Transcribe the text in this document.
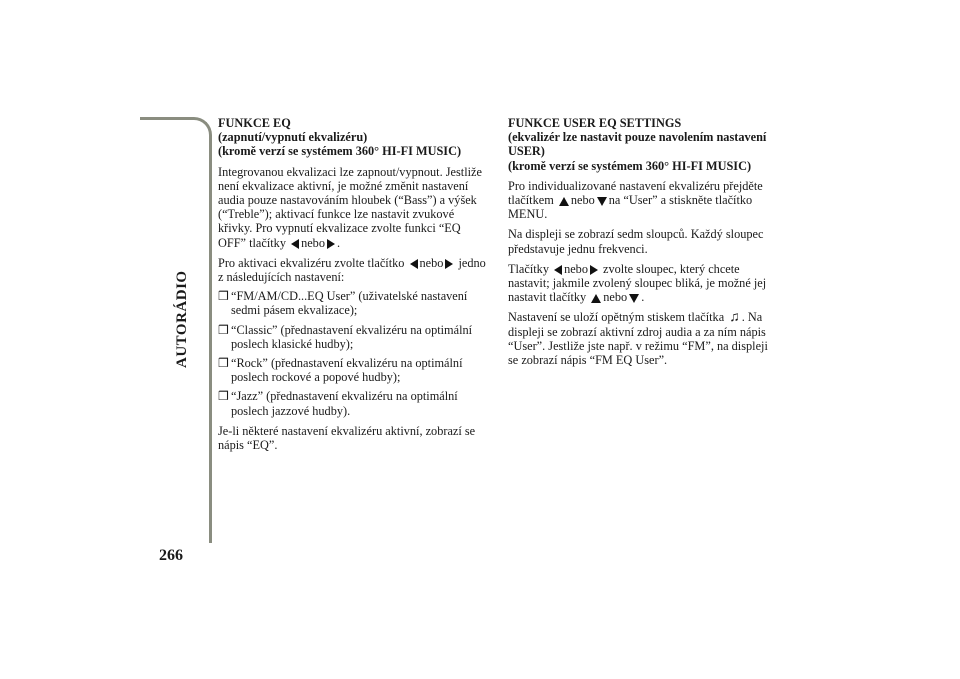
AUTORÁDIO
266
FUNKCE EQ
(zapnutí/vypnutí ekvalizéru)
(kromě verzí se systémem 360° HI-FI MUSIC)

Integrovanou ekvalizaci lze zapnout/vypnout. Jestliže není ekvalizace aktivní, je možné změnit nastavení audia pouze nastavováním hloubek (“Bass”) a výšek (“Treble”); aktivací funkce lze nastavit zvukové křivky. Pro vypnutí ekvalizace zvolte funkci “EQ OFF” tlačítky nebo .

Pro aktivaci ekvalizéru zvolte tlačítko nebo jedno z následujících nastavení:

❒ “FM/AM/CD...EQ User” (uživatelské nastavení sedmi pásem ekvalizace);
❒ “Classic” (přednastavení ekvalizéru na optimální poslech klasické hudby);
❒ “Rock” (přednastavení ekvalizéru na optimální poslech rockové a popové hudby);
❒ “Jazz” (přednastavení ekvalizéru na optimální poslech jazzové hudby).

Je-li některé nastavení ekvalizéru aktivní, zobrazí se nápis “EQ”.

FUNKCE USER EQ SETTINGS
(ekvalizér lze nastavit pouze navolením nastavení USER)
(kromě verzí se systémem 360° HI-FI MUSIC)

Pro individualizované nastavení ekvalizéru přejděte tlačítkem nebo na “User” a stiskněte tlačítko MENU.

Na displeji se zobrazí sedm sloupců. Každý sloupec představuje jednu frekvenci.

Tlačítky nebo zvolte sloupec, který chcete nastavit; jakmile zvolený sloupec bliká, je možné jej nastavit tlačítky nebo .

Nastavení se uloží opětným stiskem tlačítka ♫ . Na displeji se zobrazí aktivní zdroj audia a za ním nápis “User”. Jestliže jste např. v režimu “FM”, na displeji se zobrazí nápis “FM EQ User”.
